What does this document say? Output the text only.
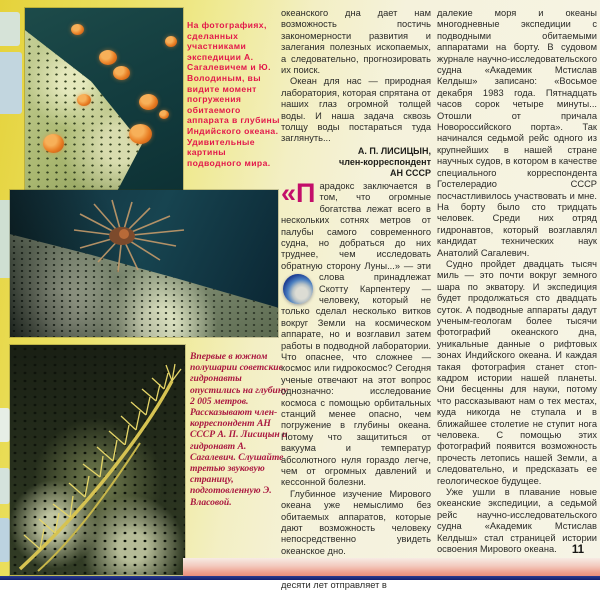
На фотографиях, сделанных участниками экспедиции А. Сагалевичем и Ю. Володиным, вы видите момент погружения обитаемого аппарата в глубины Индийского океана. Удивительные картины подводного мира.
Впервые в южном полушарии советские гидронавты опустились на глубину 2 005 метров. Рассказывают член-корреспондент АН СССР А. П. Лисицын и гидронавт А. Сагалевич. Слушайте третью звуковую страницу, подготовленную Э. Власовой.

океанского дна дает нам возможность постичь закономерности развития и залегания полезных ископаемых, а следовательно, прогнозировать их поиск.

Океан для нас — природная лаборатория, которая спрятана от наших глаз огромной толщей воды. И наша задача сквозь толщу воды постараться туда заглянуть...

А. П. ЛИСИЦЫН,
член-корреспондент
АН СССР

«Парадокс заключается в том, что огромные богатства лежат всего в нескольких сотнях метров от палубы самого современного судна, но добраться до них труднее, чем исследовать обратную сторону Луны...» — эти слова принадлежат
Скотту Карпентеру — человеку, который не только сделал несколько витков вокруг Земли на космическом аппарате, но и возглавил затем работы в подводной лаборатории. Что опаснее, что сложнее — космос или гидрокосмос? Сегодня ученые отвечают на этот вопрос однозначно: исследование космоса с помощью орбитальных станций менее опасно, чем погружение в глубины океана. Потому что защититься от вакуума и температур абсолютного нуля гораздо легче, чем от огромных давлений и кессонной болезни.

Глубинное изучение Мирового океана уже немыслимо без обитаемых аппаратов, которые дают возможность человеку непосредственно увидеть океанское дно.

десяти лет отправляет в

далекие моря и океаны многодневные экспедиции с подводными обитаемыми аппаратами на борту. В судовом журнале научно-исследовательского судна «Академик Мстислав Келдыш» записано: «Восьмое декабря 1983 года. Пятнадцать часов сорок четыре минуты... Отошли от причала Новороссийского порта». Так начинался седьмой рейс одного из крупнейших в нашей стране научных судов, в котором в качестве специального корреспондента Гостелерадио СССР посчастливилось участвовать и мне. На борту было сто тридцать человек. Среди них отряд гидронавтов, который возглавлял кандидат технических наук Анатолий Сагалевич.

Судно пройдет двадцать тысяч миль — это почти вокруг земного шара по экватору. И экспедиция будет продолжаться сто двадцать суток. А подводные аппараты дадут ученым-геологам более тысячи фотографий океанского дна, уникальные данные о рифтовых зонах Индийского океана. И каждая такая фотография станет стоп-кадром истории нашей планеты. Они бесценны для науки, потому что рассказывают нам о тех местах, куда никогда не ступала и в ближайшее столетие не ступит нога человека. С помощью этих фотографий появится возможность прочесть летопись нашей Земли, а следовательно, и предсказать ее геологическое будущее.

Уже ушли в плавание новые океанские экспедиции, а седьмой рейс научно-исследовательского судна «Академик Мстислав Келдыш» стал страницей истории освоения Мирового океана.	11
